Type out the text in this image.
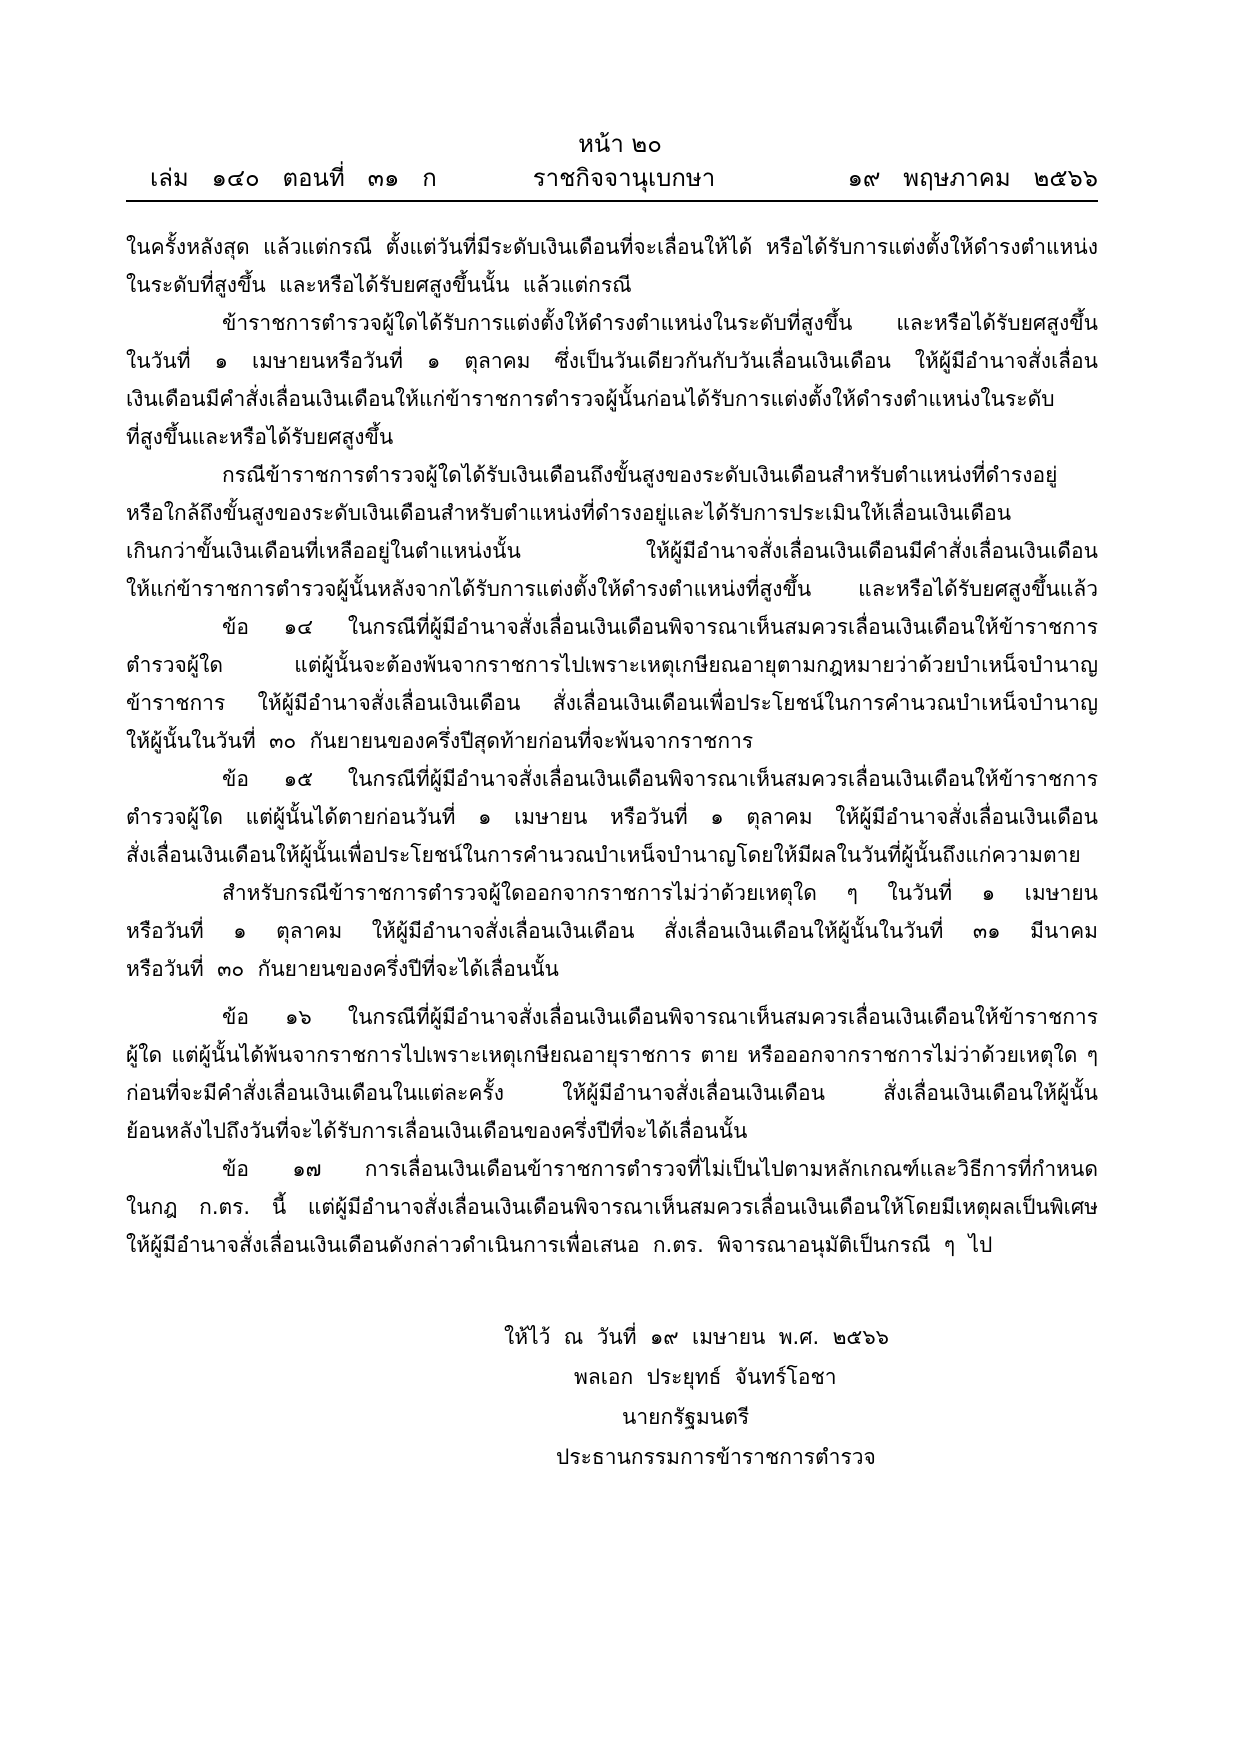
หน้า ๒๐
เล่ม   ๑๔๐   ตอนที่   ๓๑   ก	ราชกิจจานุเบกษา	๑๙   พฤษภาคม   ๒๕๖๖
ในครั้งหลังสุด แล้วแต่กรณี ตั้งแต่วันที่มีระดับเงินเดือนที่จะเลื่อนให้ได้ หรือได้รับการแต่งตั้งให้ดำรงตำแหน่ง
ในระดับที่สูงขึ้น  และหรือได้รับยศสูงขึ้นนั้น  แล้วแต่กรณี
ข้าราชการตำรวจผู้ใดได้รับการแต่งตั้งให้ดำรงตำแหน่งในระดับที่สูงขึ้น และหรือได้รับยศสูงขึ้น
ในวันที่ ๑ เมษายนหรือวันที่ ๑ ตุลาคม ซึ่งเป็นวันเดียวกันกับวันเลื่อนเงินเดือน ให้ผู้มีอำนาจสั่งเลื่อน
เงินเดือนมีคำสั่งเลื่อนเงินเดือนให้แก่ข้าราชการตำรวจผู้นั้นก่อนได้รับการแต่งตั้งให้ดำรงตำแหน่งในระดับ
ที่สูงขึ้นและหรือได้รับยศสูงขึ้น
กรณีข้าราชการตำรวจผู้ใดได้รับเงินเดือนถึงขั้นสูงของระดับเงินเดือนสำหรับตำแหน่งที่ดำรงอยู่
หรือใกล้ถึงขั้นสูงของระดับเงินเดือนสำหรับตำแหน่งที่ดำรงอยู่และได้รับการประเมินให้เลื่อนเงินเดือน
เกินกว่าขั้นเงินเดือนที่เหลืออยู่ในตำแหน่งนั้น ให้ผู้มีอำนาจสั่งเลื่อนเงินเดือนมีคำสั่งเลื่อนเงินเดือน
ให้แก่ข้าราชการตำรวจผู้นั้นหลังจากได้รับการแต่งตั้งให้ดำรงตำแหน่งที่สูงขึ้น และหรือได้รับยศสูงขึ้นแล้ว
ข้อ ๑๔ ในกรณีที่ผู้มีอำนาจสั่งเลื่อนเงินเดือนพิจารณาเห็นสมควรเลื่อนเงินเดือนให้ข้าราชการ
ตำรวจผู้ใด แต่ผู้นั้นจะต้องพ้นจากราชการไปเพราะเหตุเกษียณอายุตามกฎหมายว่าด้วยบำเหน็จบำนาญ
ข้าราชการ ให้ผู้มีอำนาจสั่งเลื่อนเงินเดือน สั่งเลื่อนเงินเดือนเพื่อประโยชน์ในการคำนวณบำเหน็จบำนาญ
ให้ผู้นั้นในวันที่  ๓๐  กันยายนของครึ่งปีสุดท้ายก่อนที่จะพ้นจากราชการ
ข้อ ๑๕ ในกรณีที่ผู้มีอำนาจสั่งเลื่อนเงินเดือนพิจารณาเห็นสมควรเลื่อนเงินเดือนให้ข้าราชการ
ตำรวจผู้ใด แต่ผู้นั้นได้ตายก่อนวันที่ ๑ เมษายน หรือวันที่ ๑ ตุลาคม ให้ผู้มีอำนาจสั่งเลื่อนเงินเดือน
สั่งเลื่อนเงินเดือนให้ผู้นั้นเพื่อประโยชน์ในการคำนวณบำเหน็จบำนาญโดยให้มีผลในวันที่ผู้นั้นถึงแก่ความตาย
สำหรับกรณีข้าราชการตำรวจผู้ใดออกจากราชการไม่ว่าด้วยเหตุใด ๆ ในวันที่ ๑ เมษายน
หรือวันที่ ๑ ตุลาคม ให้ผู้มีอำนาจสั่งเลื่อนเงินเดือน สั่งเลื่อนเงินเดือนให้ผู้นั้นในวันที่ ๓๑ มีนาคม
หรือวันที่  ๓๐  กันยายนของครึ่งปีที่จะได้เลื่อนนั้น
ข้อ ๑๖ ในกรณีที่ผู้มีอำนาจสั่งเลื่อนเงินเดือนพิจารณาเห็นสมควรเลื่อนเงินเดือนให้ข้าราชการ
ผู้ใด แต่ผู้นั้นได้พ้นจากราชการไปเพราะเหตุเกษียณอายุราชการ ตาย หรือออกจากราชการไม่ว่าด้วยเหตุใด ๆ
ก่อนที่จะมีคำสั่งเลื่อนเงินเดือนในแต่ละครั้ง ให้ผู้มีอำนาจสั่งเลื่อนเงินเดือน สั่งเลื่อนเงินเดือนให้ผู้นั้น
ย้อนหลังไปถึงวันที่จะได้รับการเลื่อนเงินเดือนของครึ่งปีที่จะได้เลื่อนนั้น
ข้อ ๑๗ การเลื่อนเงินเดือนข้าราชการตำรวจที่ไม่เป็นไปตามหลักเกณฑ์และวิธีการที่กำหนด
ในกฎ ก.ตร. นี้ แต่ผู้มีอำนาจสั่งเลื่อนเงินเดือนพิจารณาเห็นสมควรเลื่อนเงินเดือนให้โดยมีเหตุผลเป็นพิเศษ
ให้ผู้มีอำนาจสั่งเลื่อนเงินเดือนดังกล่าวดำเนินการเพื่อเสนอ  ก.ตร.  พิจารณาอนุมัติเป็นกรณี  ๆ  ไป
ให้ไว้  ณ  วันที่  ๑๙  เมษายน  พ.ศ.  ๒๕๖๖
พลเอก  ประยุทธ์  จันทร์โอชา
นายกรัฐมนตรี
ประธานกรรมการข้าราชการตำรวจ
